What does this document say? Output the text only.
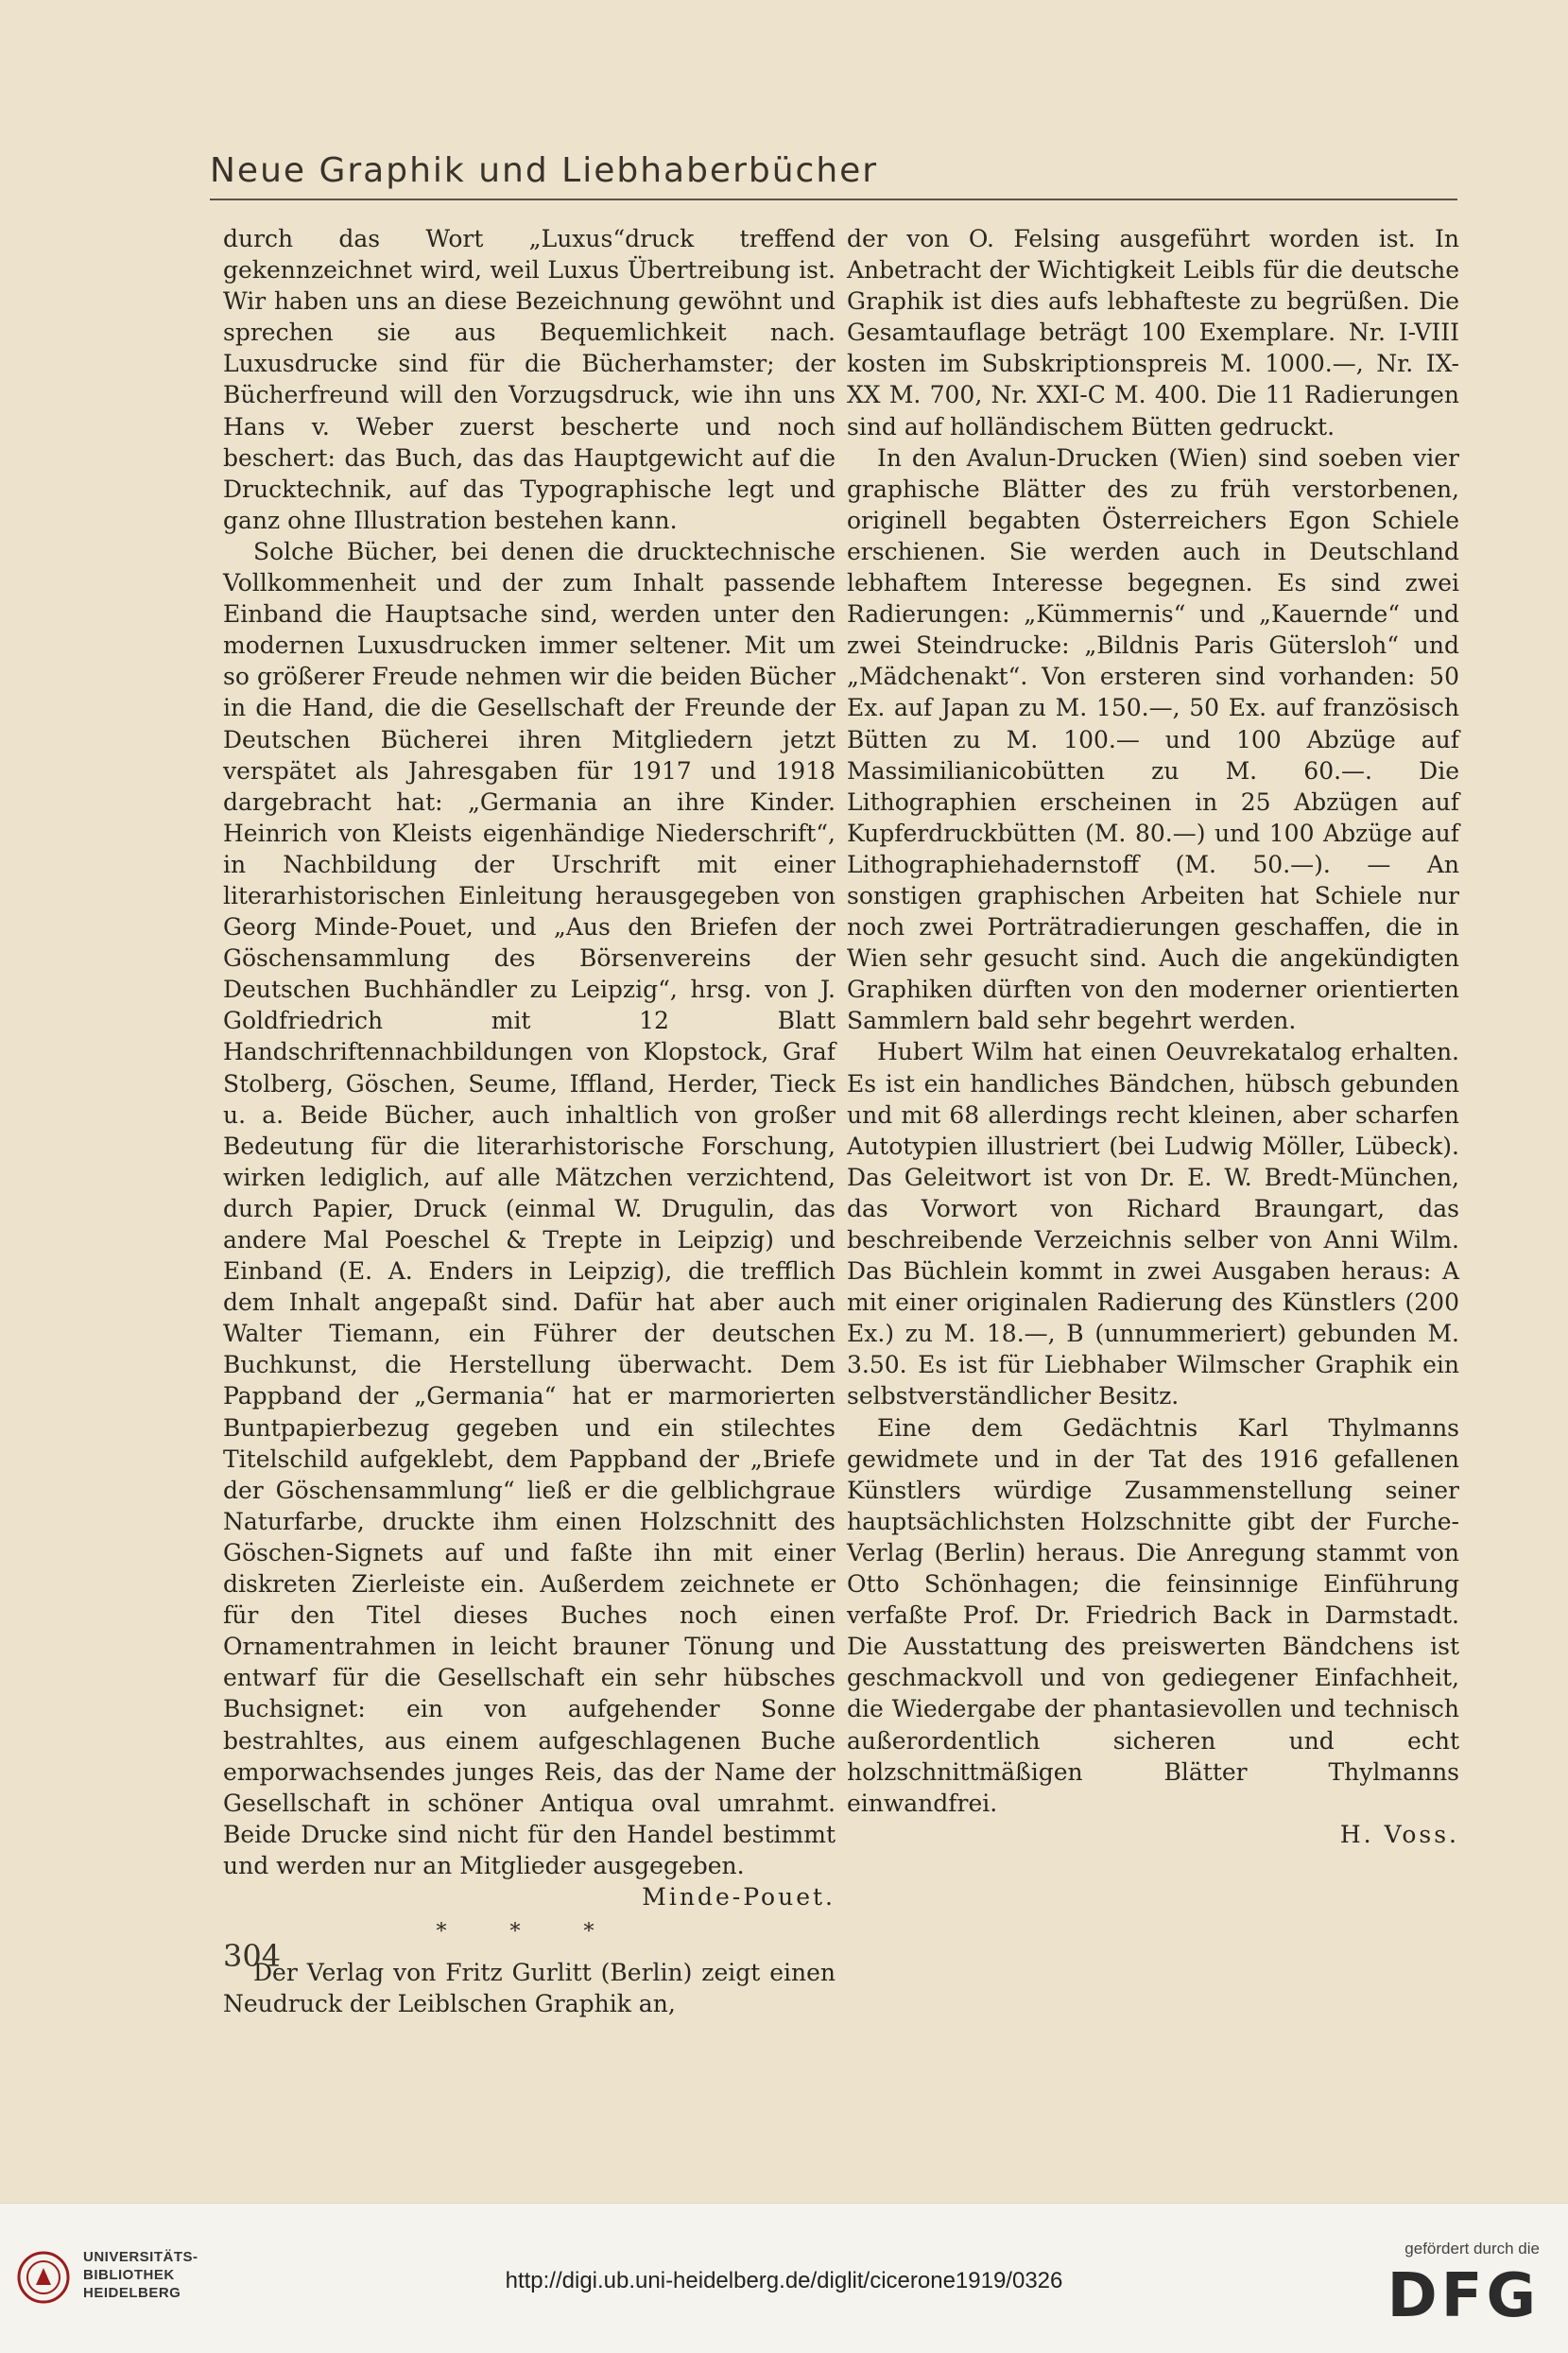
Neue Graphik und Liebhaberbücher

durch das Wort „Luxus“druck treffend gekennzeichnet wird, weil Luxus Übertreibung ist. Wir haben uns an diese Bezeichnung gewöhnt und sprechen sie aus Bequemlichkeit nach. Luxusdrucke sind für die Bücherhamster; der Bücherfreund will den Vorzugsdruck, wie ihn uns Hans v. Weber zuerst bescherte und noch beschert: das Buch, das das Hauptgewicht auf die Drucktechnik, auf das Typographische legt und ganz ohne Illustration bestehen kann.

Solche Bücher, bei denen die drucktechnische Vollkommenheit und der zum Inhalt passende Einband die Hauptsache sind, werden unter den modernen Luxusdrucken immer seltener. Mit um so größerer Freude nehmen wir die beiden Bücher in die Hand, die die Gesellschaft der Freunde der Deutschen Bücherei ihren Mitgliedern jetzt verspätet als Jahresgaben für 1917 und 1918 dargebracht hat: „Germania an ihre Kinder. Heinrich von Kleists eigenhändige Niederschrift“, in Nachbildung der Urschrift mit einer literarhistorischen Einleitung herausgegeben von Georg Minde-Pouet, und „Aus den Briefen der Göschensammlung des Börsenvereins der Deutschen Buchhändler zu Leipzig“, hrsg. von J. Goldfriedrich mit 12 Blatt Handschriftennachbildungen von Klopstock, Graf Stolberg, Göschen, Seume, Iffland, Herder, Tieck u. a. Beide Bücher, auch inhaltlich von großer Bedeutung für die literarhistorische Forschung, wirken lediglich, auf alle Mätzchen verzichtend, durch Papier, Druck (einmal W. Drugulin, das andere Mal Poeschel & Trepte in Leipzig) und Einband (E. A. Enders in Leipzig), die trefflich dem Inhalt angepaßt sind. Dafür hat aber auch Walter Tiemann, ein Führer der deutschen Buchkunst, die Herstellung überwacht. Dem Pappband der „Germania“ hat er marmorierten Buntpapierbezug gegeben und ein stilechtes Titelschild aufgeklebt, dem Pappband der „Briefe der Göschensammlung“ ließ er die gelblichgraue Naturfarbe, druckte ihm einen Holzschnitt des Göschen-Signets auf und faßte ihn mit einer diskreten Zierleiste ein. Außerdem zeichnete er für den Titel dieses Buches noch einen Ornamentrahmen in leicht brauner Tönung und entwarf für die Gesellschaft ein sehr hübsches Buchsignet: ein von aufgehender Sonne bestrahltes, aus einem aufgeschlagenen Buche emporwachsendes junges Reis, das der Name der Gesellschaft in schöner Antiqua oval umrahmt. Beide Drucke sind nicht für den Handel bestimmt und werden nur an Mitglieder ausgegeben.

Minde-Pouet.

* * *

Der Verlag von Fritz Gurlitt (Berlin) zeigt einen Neudruck der Leiblschen Graphik an,

der von O. Felsing ausgeführt worden ist. In Anbetracht der Wichtigkeit Leibls für die deutsche Graphik ist dies aufs lebhafteste zu begrüßen. Die Gesamtauflage beträgt 100 Exemplare. Nr. I-VIII kosten im Subskriptionspreis M. 1000.—, Nr. IX-XX M. 700, Nr. XXI-C M. 400. Die 11 Radierungen sind auf holländischem Bütten gedruckt.

In den Avalun-Drucken (Wien) sind soeben vier graphische Blätter des zu früh verstorbenen, originell begabten Österreichers Egon Schiele erschienen. Sie werden auch in Deutschland lebhaftem Interesse begegnen. Es sind zwei Radierungen: „Kümmernis“ und „Kauernde“ und zwei Steindrucke: „Bildnis Paris Gütersloh“ und „Mädchenakt“. Von ersteren sind vorhanden: 50 Ex. auf Japan zu M. 150.—, 50 Ex. auf französisch Bütten zu M. 100.— und 100 Abzüge auf Massimilianicobütten zu M. 60.—. Die Lithographien erscheinen in 25 Abzügen auf Kupferdruckbütten (M. 80.—) und 100 Abzüge auf Lithographiehadernstoff (M. 50.—). — An sonstigen graphischen Arbeiten hat Schiele nur noch zwei Porträtradierungen geschaffen, die in Wien sehr gesucht sind. Auch die angekündigten Graphiken dürften von den moderner orientierten Sammlern bald sehr begehrt werden.

Hubert Wilm hat einen Oeuvrekatalog erhalten. Es ist ein handliches Bändchen, hübsch gebunden und mit 68 allerdings recht kleinen, aber scharfen Autotypien illustriert (bei Ludwig Möller, Lübeck). Das Geleitwort ist von Dr. E. W. Bredt-München, das Vorwort von Richard Braungart, das beschreibende Verzeichnis selber von Anni Wilm. Das Büchlein kommt in zwei Ausgaben heraus: A mit einer originalen Radierung des Künstlers (200 Ex.) zu M. 18.—, B (unnummeriert) gebunden M. 3.50. Es ist für Liebhaber Wilmscher Graphik ein selbstverständlicher Besitz.

Eine dem Gedächtnis Karl Thylmanns gewidmete und in der Tat des 1916 gefallenen Künstlers würdige Zusammenstellung seiner hauptsächlichsten Holzschnitte gibt der Furche-Verlag (Berlin) heraus. Die Anregung stammt von Otto Schönhagen; die feinsinnige Einführung verfaßte Prof. Dr. Friedrich Back in Darmstadt. Die Ausstattung des preiswerten Bändchens ist geschmackvoll und von gediegener Einfachheit, die Wiedergabe der phantasievollen und technisch außerordentlich sicheren und echt holzschnittmäßigen Blätter Thylmanns einwandfrei.

H. Voss.

304
UNIVERSITÄTS-
BIBLIOTHEK
HEIDELBERG	http://digi.ub.uni-heidelberg.de/diglit/cicerone1919/0326
gefördert durch die
DFG
